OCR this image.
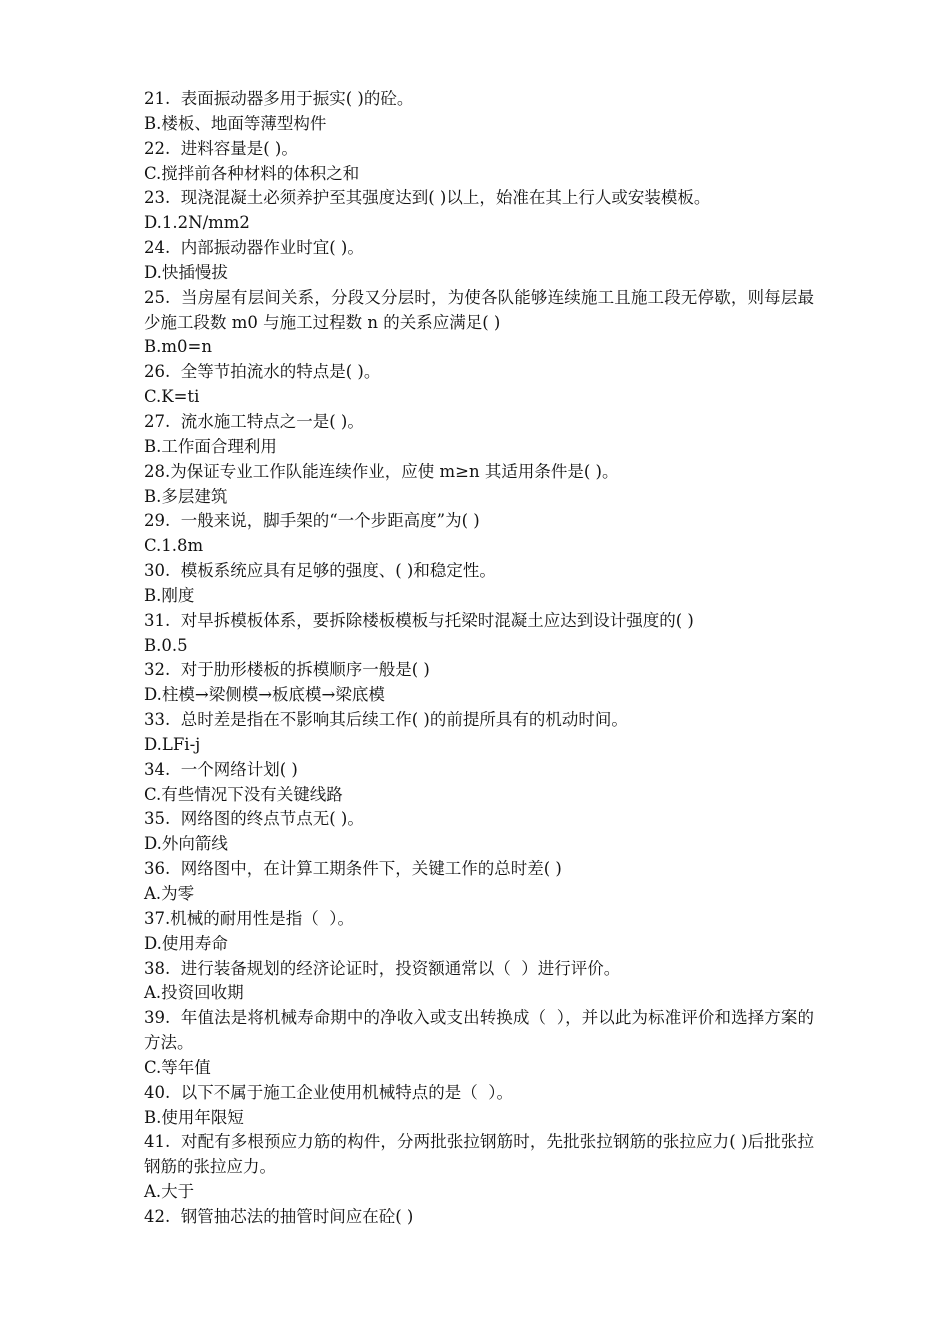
21.  表面振动器多用于振实( )的砼。

B.楼板、地面等薄型构件

22.  进料容量是( )。

C.搅拌前各种材料的体积之和

23.  现浇混凝土必须养护至其强度达到( )以上，始准在其上行人或安装模板。

D.1.2N/mm2

24.  内部振动器作业时宜( )。

D.快插慢拔

25.  当房屋有层间关系，分段又分层时，为使各队能够连续施工且施工段无停歇，则每层最少施工段数 m0 与施工过程数 n 的关系应满足( )

B.m0=n

26.  全等节拍流水的特点是( )。

C.K=ti

27.  流水施工特点之一是( )。

B.工作面合理利用

28.为保证专业工作队能连续作业，应使 m≥n 其适用条件是( )。

B.多层建筑

29.  一般来说，脚手架的“一个步距高度”为( )

C.1.8m

30.  模板系统应具有足够的强度、( )和稳定性。

B.刚度

31.  对早拆模板体系，要拆除楼板模板与托梁时混凝土应达到设计强度的( )

B.0.5

32.  对于肋形楼板的拆模顺序一般是( )

D.柱模→梁侧模→板底模→梁底模

33.  总时差是指在不影响其后续工作( )的前提所具有的机动时间。

D.LFi-j

34.  一个网络计划( )

C.有些情况下没有关键线路

35.  网络图的终点节点无( )。

D.外向箭线

36.  网络图中，在计算工期条件下，关键工作的总时差( )

A.为零

37.机械的耐用性是指（  ）。

D.使用寿命

38.  进行装备规划的经济论证时，投资额通常以（  ）进行评价。

A.投资回收期

39.  年值法是将机械寿命期中的净收入或支出转换成（  ），并以此为标准评价和选择方案的方法。

C.等年值

40.  以下不属于施工企业使用机械特点的是（  ）。

B.使用年限短

41.  对配有多根预应力筋的构件，分两批张拉钢筋时，先批张拉钢筋的张拉应力( )后批张拉钢筋的张拉应力。

A.大于

42.  钢管抽芯法的抽管时间应在砼( )
